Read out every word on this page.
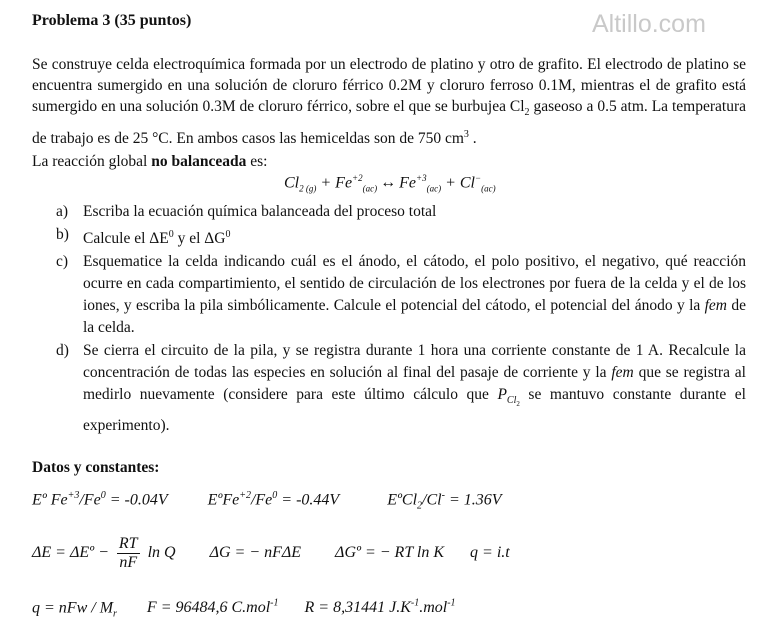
Problema 3 (35 puntos)	Altillo.com
Se construye celda electroquímica formada por un electrodo de platino y otro de grafito. El electrodo de platino se encuentra sumergido en una solución de cloruro férrico 0.2M y cloruro ferroso 0.1M, mientras el de grafito está sumergido en una solución 0.3M de cloruro férrico, sobre el que se burbujea $Cl_2$ gaseoso a 0.5 atm. La temperatura de trabajo es de 25 °C. En ambos casos las hemiceldas son de 750 $cm^3$ .
La reacción global no balanceada es:
$Cl_{2 (g)} + Fe^{+2}_{(ac)}$ ↔ $Fe^{+3}_{(ac)} + Cl^-_{(ac)}$
a) Escriba la ecuación química balanceada del proceso total
b) Calcule el $\Delta E^0$ y el $\Delta G^0$
c) Esquematice la celda indicando cuál es el ánodo, el cátodo, el polo positivo, el negativo, qué reacción ocurre en cada compartimiento, el sentido de circulación de los electrones por fuera de la celda y el de los iones, y escriba la pila simbólicamente. Calcule el potencial del cátodo, el potencial del ánodo y la fem de la celda.
d) Se cierra el circuito de la pila, y se registra durante 1 hora una corriente constante de 1 A. Recalcule la concentración de todas las especies en solución al final del pasaje de corriente y la fem que se registra al medirlo nuevamente (considere para este último cálculo que $P_{Cl_2}$ se mantuvo constante durante el experimento).
Datos y constantes:
Eº $Fe^{+3}/Fe^0 = -0.04V$	$EºFe^{+2}/Fe^0 = -0.44V$	EºCl$_2$/Cl- = 1.36V
ΔE = ΔEº − $\frac{RT}{nF}$ ln Q ΔG = − nFΔE ΔGº = − RT ln K q = i.t
q = nFw / $M_r$ F = 96484,6 C.mol$^{-1}$ R = 8,31441 $J.K^{-1}.mol^{-1}$
